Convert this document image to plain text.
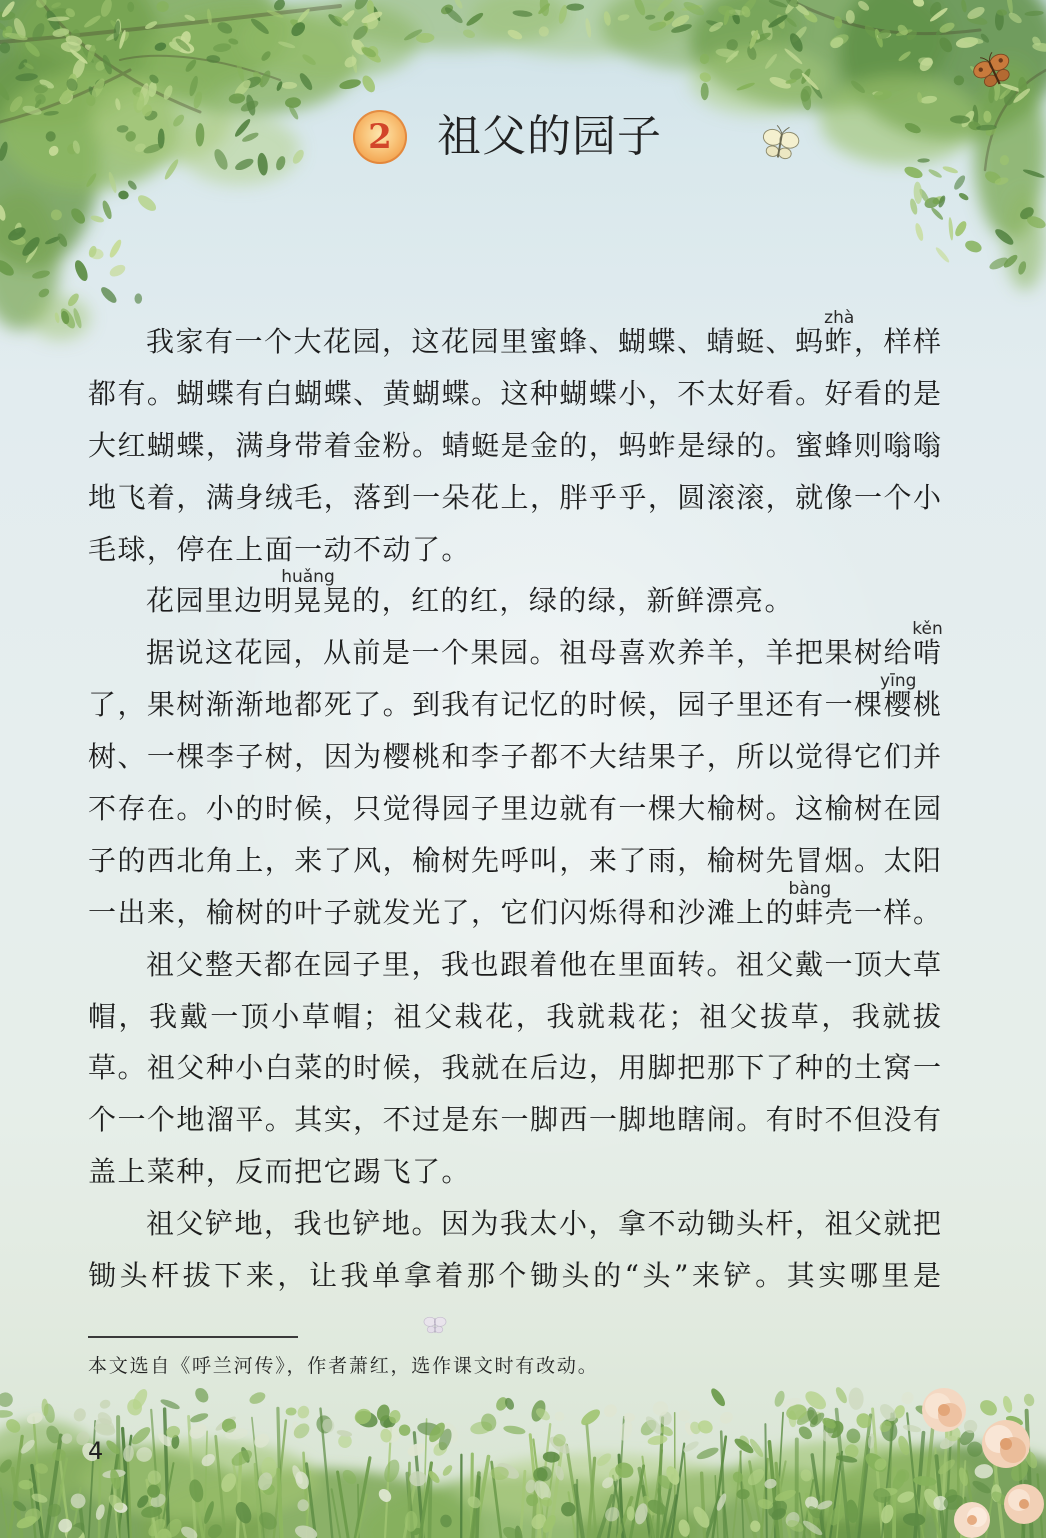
2 祖父的园子
我家有一个大花园，这花园里蜜蜂、蝴蝶、蜻蜓、蚂蚱
zhà
，样样
都有。蝴蝶有白蝴蝶、黄蝴蝶。这种蝴蝶小，不太好看。好看的是
大红蝴蝶，满身带着金粉。蜻蜓是金的，蚂蚱是绿的。蜜蜂则嗡嗡
地飞着，满身绒毛，落到一朵花上，胖乎乎，圆滚滚，就像一个小
毛球，停在上面一动不动了。
花园里边明晃
huǎng
晃的，红的红，绿的绿，新鲜漂亮。
据说这花园，从前是一个果园。祖母喜欢养羊，羊把果树给啃
kěn
了，果树渐渐地都死了。到我有记忆的时候，园子里还有一棵樱
yīng
桃
树、一棵李子树，因为樱桃和李子都不大结果子，所以觉得它们并
不存在。小的时候，只觉得园子里边就有一棵大榆树。这榆树在园
子的西北角上，来了风，榆树先呼叫，来了雨，榆树先冒烟。太阳
一出来，榆树的叶子就发光了，它们闪烁得和沙滩上的蚌
bàng
壳一样。
祖父整天都在园子里，我也跟着他在里面转。祖父戴一顶大草
帽，我戴一顶小草帽；祖父栽花，我就栽花；祖父拔草，我就拔
草。祖父种小白菜的时候，我就在后边，用脚把那下了种的土窝一
个一个地溜平。其实，不过是东一脚西一脚地瞎闹。有时不但没有
盖上菜种，反而把它踢飞了。
祖父铲地，我也铲地。因为我太小，拿不动锄头杆，祖父就把
锄头杆拔下来，让我单拿着那个锄头的“头”来铲。其实哪里是
本文选自《呼兰河传》，作者萧红，选作课文时有改动。
4
